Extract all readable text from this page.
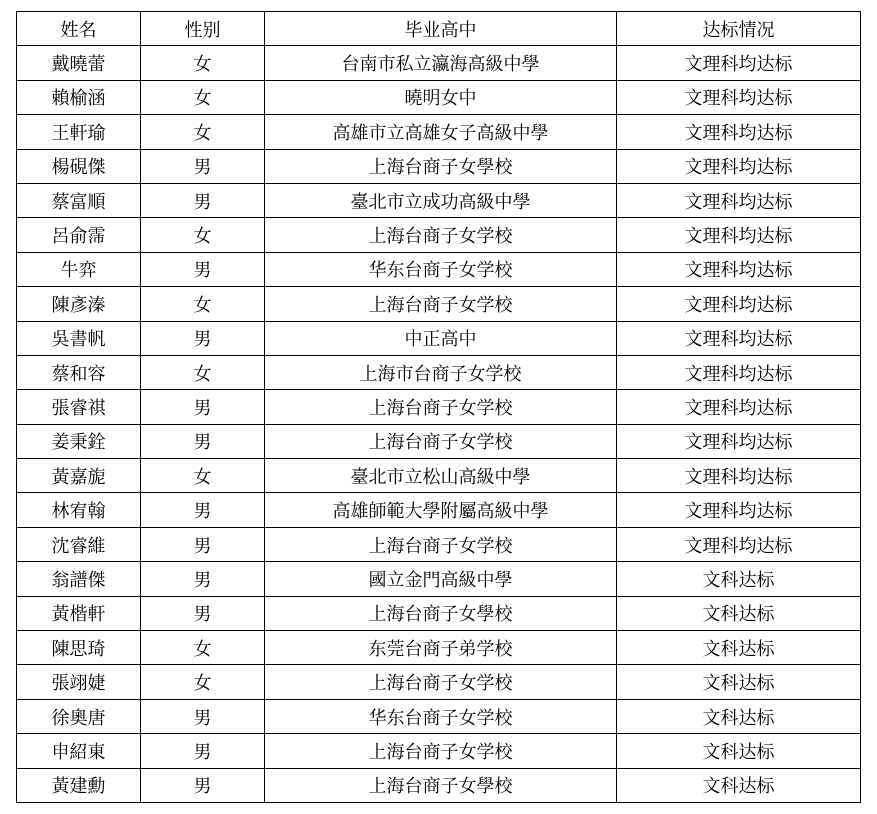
姓名	性别	毕业高中	达标情况
戴曉蕾	女	台南市私立瀛海高級中學	文理科均达标
賴榆涵	女	曉明女中	文理科均达标
王軒瑜	女	高雄市立高雄女子高級中學	文理科均达标
楊硯傑	男	上海台商子女學校	文理科均达标
蔡富順	男	臺北市立成功高級中學	文理科均达标
呂俞霈	女	上海台商子女学校	文理科均达标
牛弈	男	华东台商子女学校	文理科均达标
陳彥溱	女	上海台商子女学校	文理科均达标
吳書帆	男	中正高中	文理科均达标
蔡和容	女	上海市台商子女学校	文理科均达标
張睿祺	男	上海台商子女学校	文理科均达标
姜秉銓	男	上海台商子女学校	文理科均达标
黃嘉旎	女	臺北市立松山高級中學	文理科均达标
林宥翰	男	高雄師範大學附屬高級中學	文理科均达标
沈睿維	男	上海台商子女学校	文理科均达标
翁譜傑	男	國立金門高級中學	文科达标
黃楷軒	男	上海台商子女學校	文科达标
陳思琦	女	东莞台商子弟学校	文科达标
張翊婕	女	上海台商子女学校	文科达标
徐奧唐	男	华东台商子女学校	文科达标
申紹東	男	上海台商子女学校	文科达标
黃建勳	男	上海台商子女學校	文科达标
